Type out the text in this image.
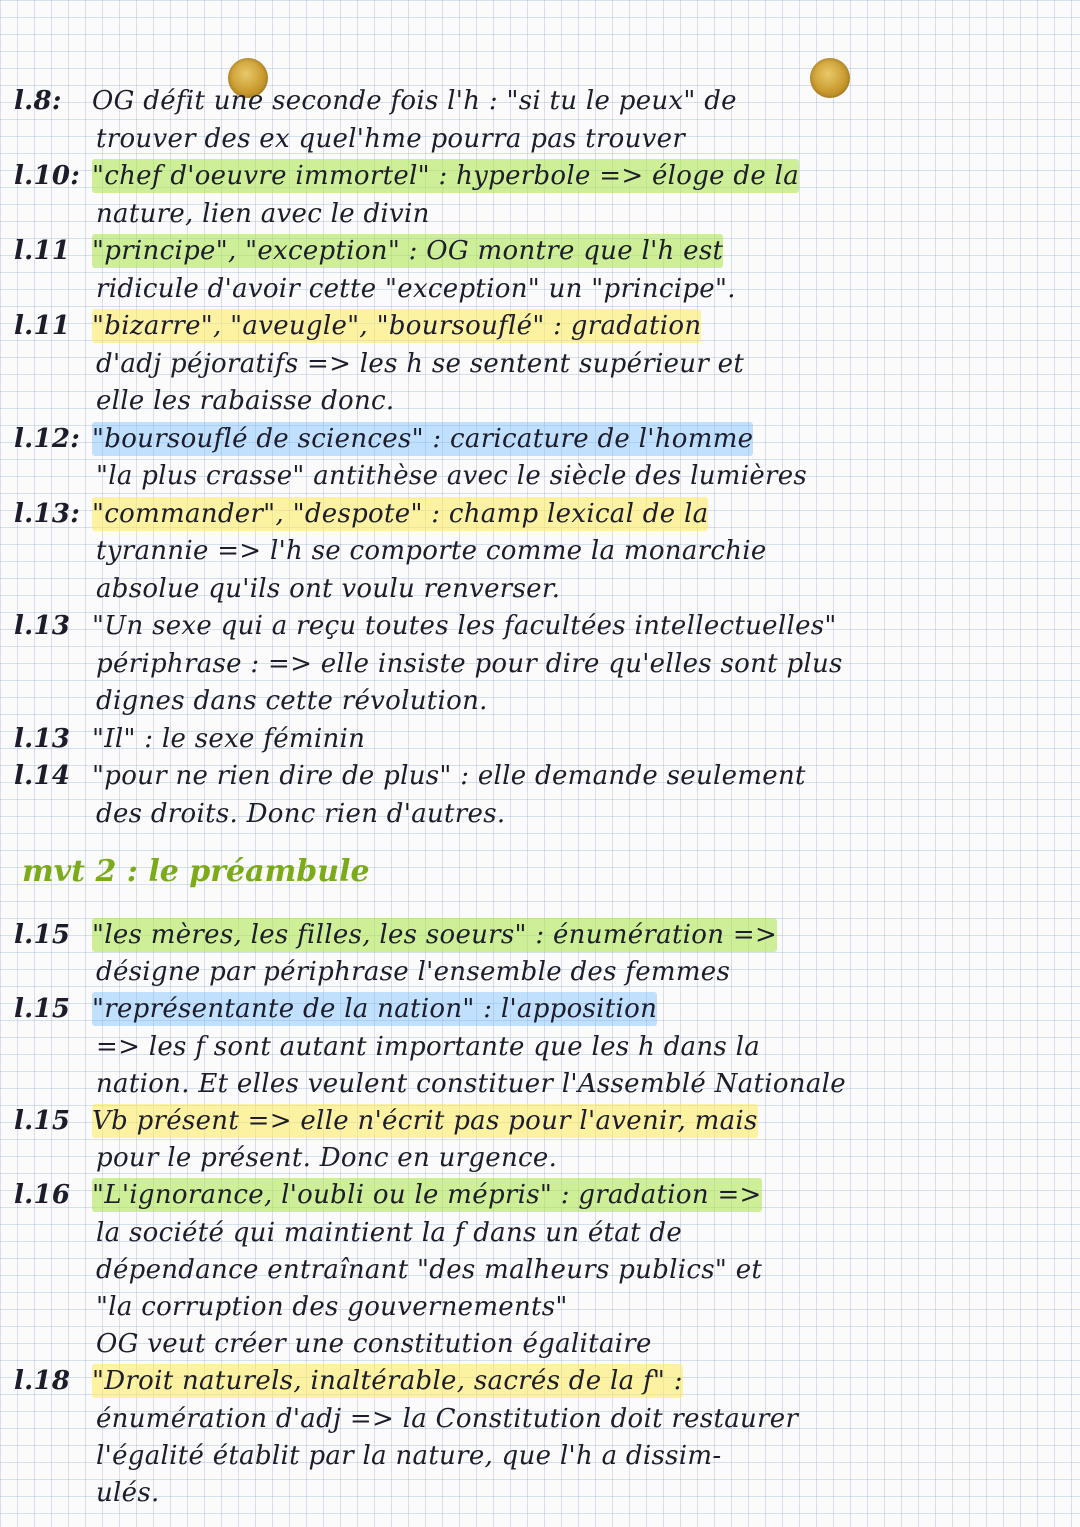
l.8: OG défit une seconde fois l'h : "si tu le peux" de
trouver des ex quel'hme pourra pas trouver
l.10: "chef d'oeuvre immortel" : hyperbole => éloge de la
nature, lien avec le divin
l.11 "principe", "exception" : OG montre que l'h est
ridicule d'avoir cette "exception" un "principe".
l.11 "bizarre", "aveugle", "boursouflé" : gradation
d'adj péjoratifs => les h se sentent supérieur et
elle les rabaisse donc.
l.12: "boursouflé de sciences" : caricature de l'homme
"la plus crasse" antithèse avec le siècle des lumières
l.13: "commander", "despote" : champ lexical de la
tyrannie => l'h se comporte comme la monarchie
absolue qu'ils ont voulu renverser.
l.13 "Un sexe qui a reçu toutes les facultées intellectuelles"
périphrase : => elle insiste pour dire qu'elles sont plus
dignes dans cette révolution.
l.13 "Il" : le sexe féminin
l.14 "pour ne rien dire de plus" : elle demande seulement
des droits. Donc rien d'autres.
mvt 2 : le préambule
l.15 "les mères, les filles, les soeurs" : énumération =>
désigne par périphrase l'ensemble des femmes
l.15 "représentante de la nation" : l'apposition
=> les f sont autant importante que les h dans la
nation. Et elles veulent constituer l'Assemblé Nationale
l.15 Vb présent => elle n'écrit pas pour l'avenir, mais
pour le présent. Donc en urgence.
l.16 "L'ignorance, l'oubli ou le mépris" : gradation =>
la société qui maintient la f dans un état de
dépendance entraînant "des malheurs publics" et
"la corruption des gouvernements"
OG veut créer une constitution égalitaire
l.18 "Droit naturels, inaltérable, sacrés de la f" :
énumération d'adj => la Constitution doit restaurer
l'égalité établit par la nature, que l'h a dissim-
ulés.
